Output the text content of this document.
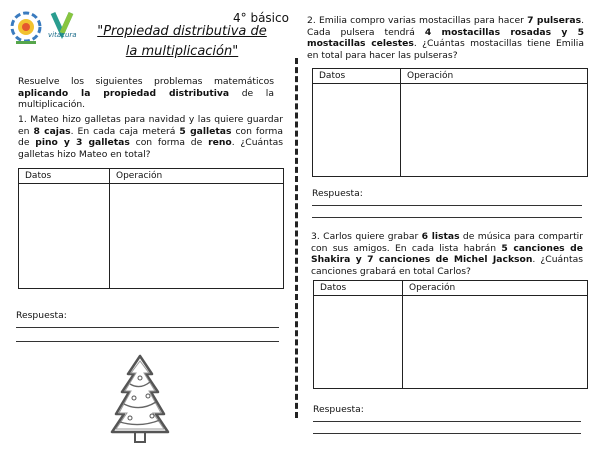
vitacura
4° básico
"Propiedad distributiva de
la multiplicación"
Resuelve los siguientes problemas matemáticos aplicando la propiedad distributiva de la multiplicación.
1. Mateo hizo galletas para navidad y las quiere guardar en 8 cajas. En cada caja meterá 5 galletas con forma de pino y 3 galletas con forma de reno. ¿Cuántas galletas hizo Mateo en total?
Datos	Operación

Respuesta:
2. Emilia compro varias mostacillas para hacer 7 pulseras. Cada pulsera tendrá 4 mostacillas rosadas y 5 mostacillas celestes. ¿Cuántas mostacillas tiene Emilia en total para hacer las pulseras?
Datos	Operación

Respuesta:
3. Carlos quiere grabar 6 listas de música para compartir con sus amigos. En cada lista habrán 5 canciones de Shakira y 7 canciones de Michel Jackson. ¿Cuántas canciones grabará en total Carlos?
Datos	Operación

Respuesta:
